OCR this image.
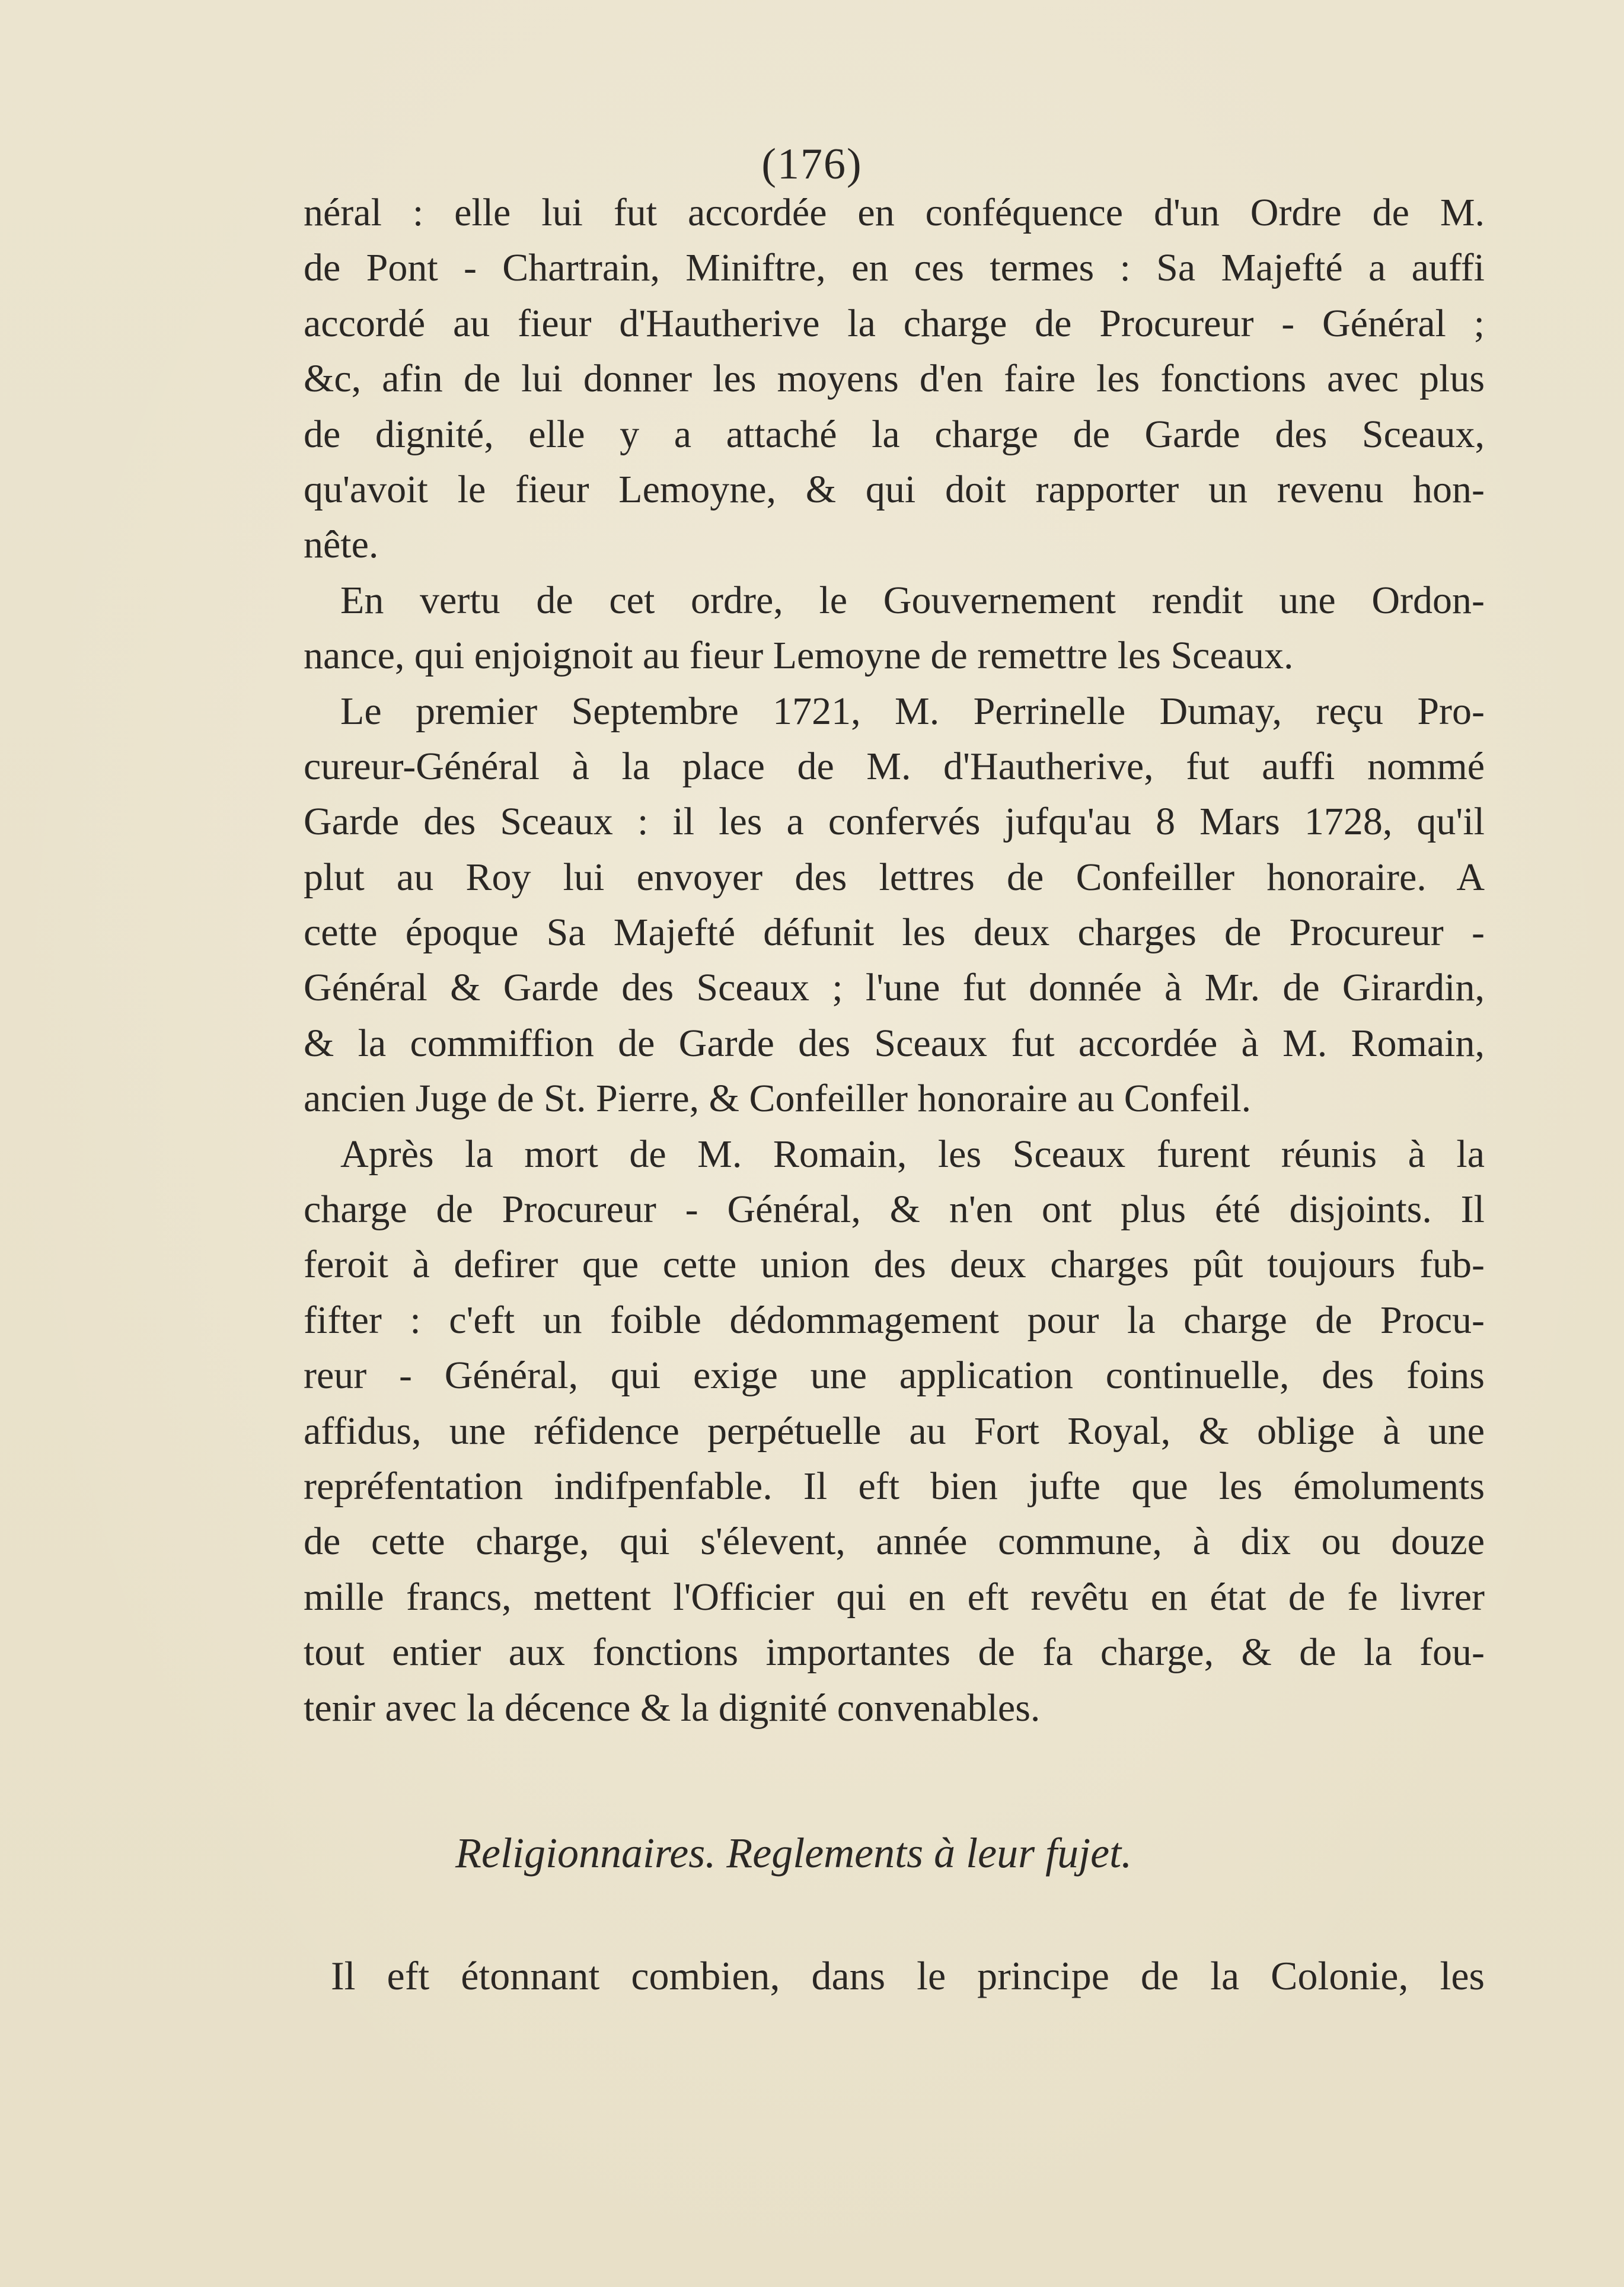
(176)
néral : elle lui fut accordée en conféquence d'un Ordre de M.
de Pont - Chartrain, Miniftre, en ces termes : Sa Majefté a auffi
accordé au fieur d'Hautherive la charge de Procureur - Général ;
&c, afin de lui donner les moyens d'en faire les fonctions avec plus
de dignité, elle y a attaché la charge de Garde des Sceaux,
qu'avoit le fieur Lemoyne, & qui doit rapporter un revenu hon-
nête.
En vertu de cet ordre, le Gouvernement rendit une Ordon-
nance, qui enjoignoit au fieur Lemoyne de remettre les Sceaux.
Le premier Septembre 1721, M. Perrinelle Dumay, reçu Pro-
cureur-Général à la place de M. d'Hautherive, fut auffi nommé
Garde des Sceaux : il les a confervés jufqu'au 8 Mars 1728, qu'il
plut au Roy lui envoyer des lettres de Confeiller honoraire. A
cette époque Sa Majefté défunit les deux charges de Procureur -
Général & Garde des Sceaux ; l'une fut donnée à Mr. de Girardin,
& la commiffion de Garde des Sceaux fut accordée à M. Romain,
ancien Juge de St. Pierre, & Confeiller honoraire au Confeil.
Après la mort de M. Romain, les Sceaux furent réunis à la
charge de Procureur - Général, & n'en ont plus été disjoints. Il
feroit à defirer que cette union des deux charges pût toujours fub-
fifter : c'eft un foible dédommagement pour la charge de Procu-
reur - Général, qui exige une application continuelle, des foins
affidus, une réfidence perpétuelle au Fort Royal, & oblige à une
repréfentation indifpenfable. Il eft bien jufte que les émoluments
de cette charge, qui s'élevent, année commune, à dix ou douze
mille francs, mettent l'Officier qui en eft revêtu en état de fe livrer
tout entier aux fonctions importantes de fa charge, & de la fou-
tenir avec la décence & la dignité convenables.
Religionnaires. Reglements à leur fujet.
Il eft étonnant combien, dans le principe de la Colonie, les
